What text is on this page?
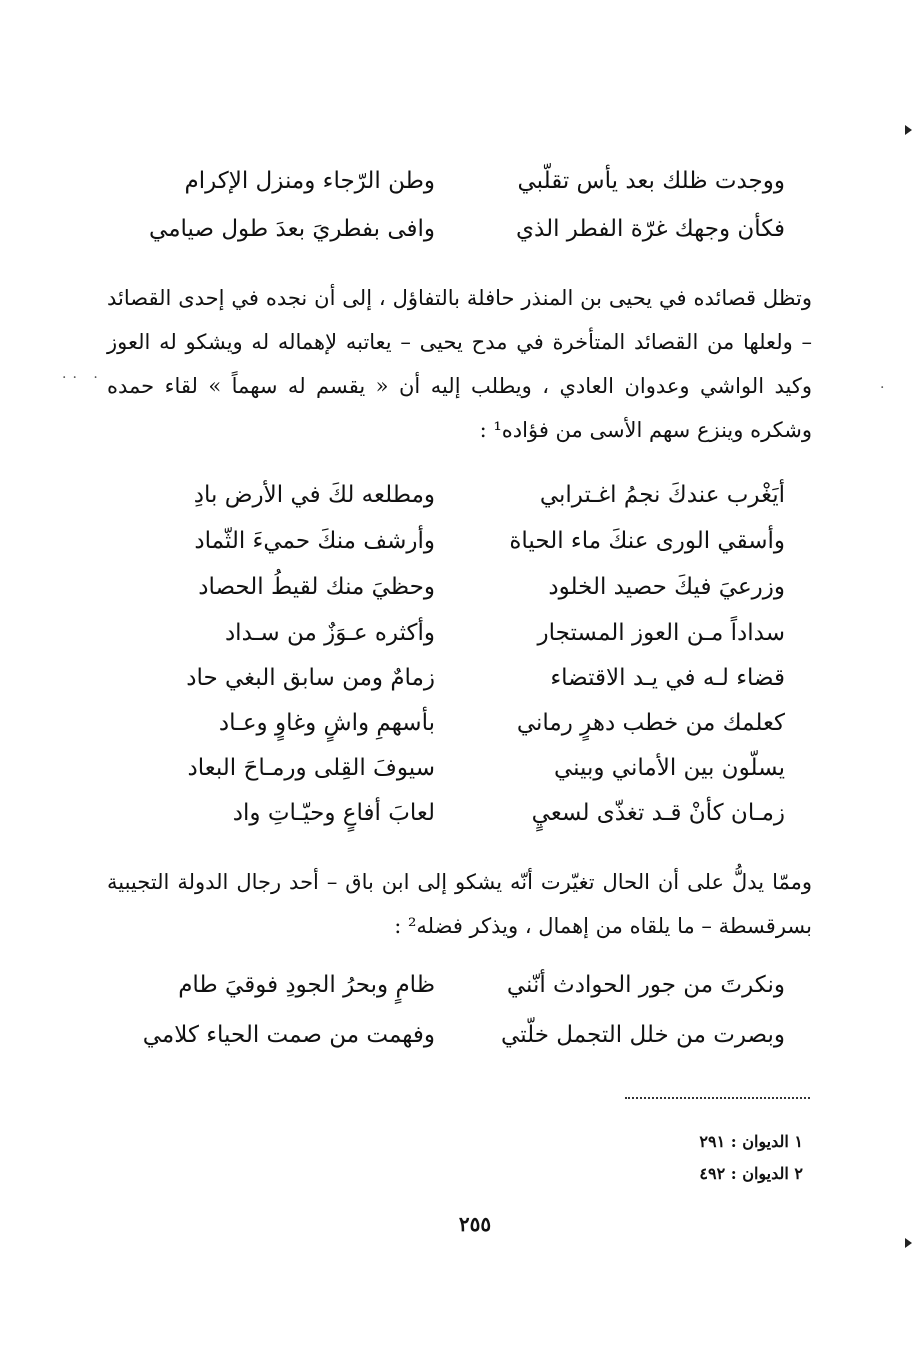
ووجدت ظلك بعد يأس تقلّبي
وطن الرّجاء ومنزل الإكرام
فكأن وجهك غرّة الفطر الذي
وافى بفطريَ بعدَ طول صيامي
وتظل قصائده في يحيى بن المنذر حافلة بالتفاؤل ، إلى أن نجده في إحدى القصائد – ولعلها من القصائد المتأخرة في مدح يحيى – يعاتبه لإهماله له ويشكو له العوز وكيد الواشي وعدوان العادي ، ويطلب إليه أن « يقسم له سهماً » لقاء حمده وشكره وينزع سهم الأسى من فؤاده¹ :
أيَغْرب عندكَ نجمُ اغـترابي
ومطلعه لكَ في الأرض بادِ
وأسقي الورى عنكَ ماء الحياة
وأرشف منكَ حميءَ الثّماد
وزرعيَ فيكَ حصيد الخلود
وحظيَ منك لقيطُ الحصاد
سداداً مـن العوز المستجار
وأكثره عـوَزٌ من سـداد
قضاء لـه في يـد الاقتضاء
زمامٌ ومن سابق البغي حاد
كعلمك من خطب دهرٍ رماني
بأسهمِ واشٍ وغاوٍ وعـاد
يسلّون بين الأماني وبيني
سيوفَ القِلى ورمـاحَ البعاد
زمـان كأنْ قـد تغذّى لسعيٍ
لعابَ أفاعٍ وحيّـاتِ واد
وممّا يدلُّ على أن الحال تغيّرت أنّه يشكو إلى ابن باق – أحد رجال الدولة التجيبية بسرقسطة – ما يلقاه من إهمال ، ويذكر فضله² :
ونكرتَ من جور الحوادث أنّني
ظامٍ وبحرُ الجودِ فوقيَ طام
وبصرت من خلل التجمل خلّتي
وفهمت من صمت الحياء كلامي
١ الديوان : ٢٩١
٢ الديوان : ٤٩٢
٢٥٥
·· ·
·
